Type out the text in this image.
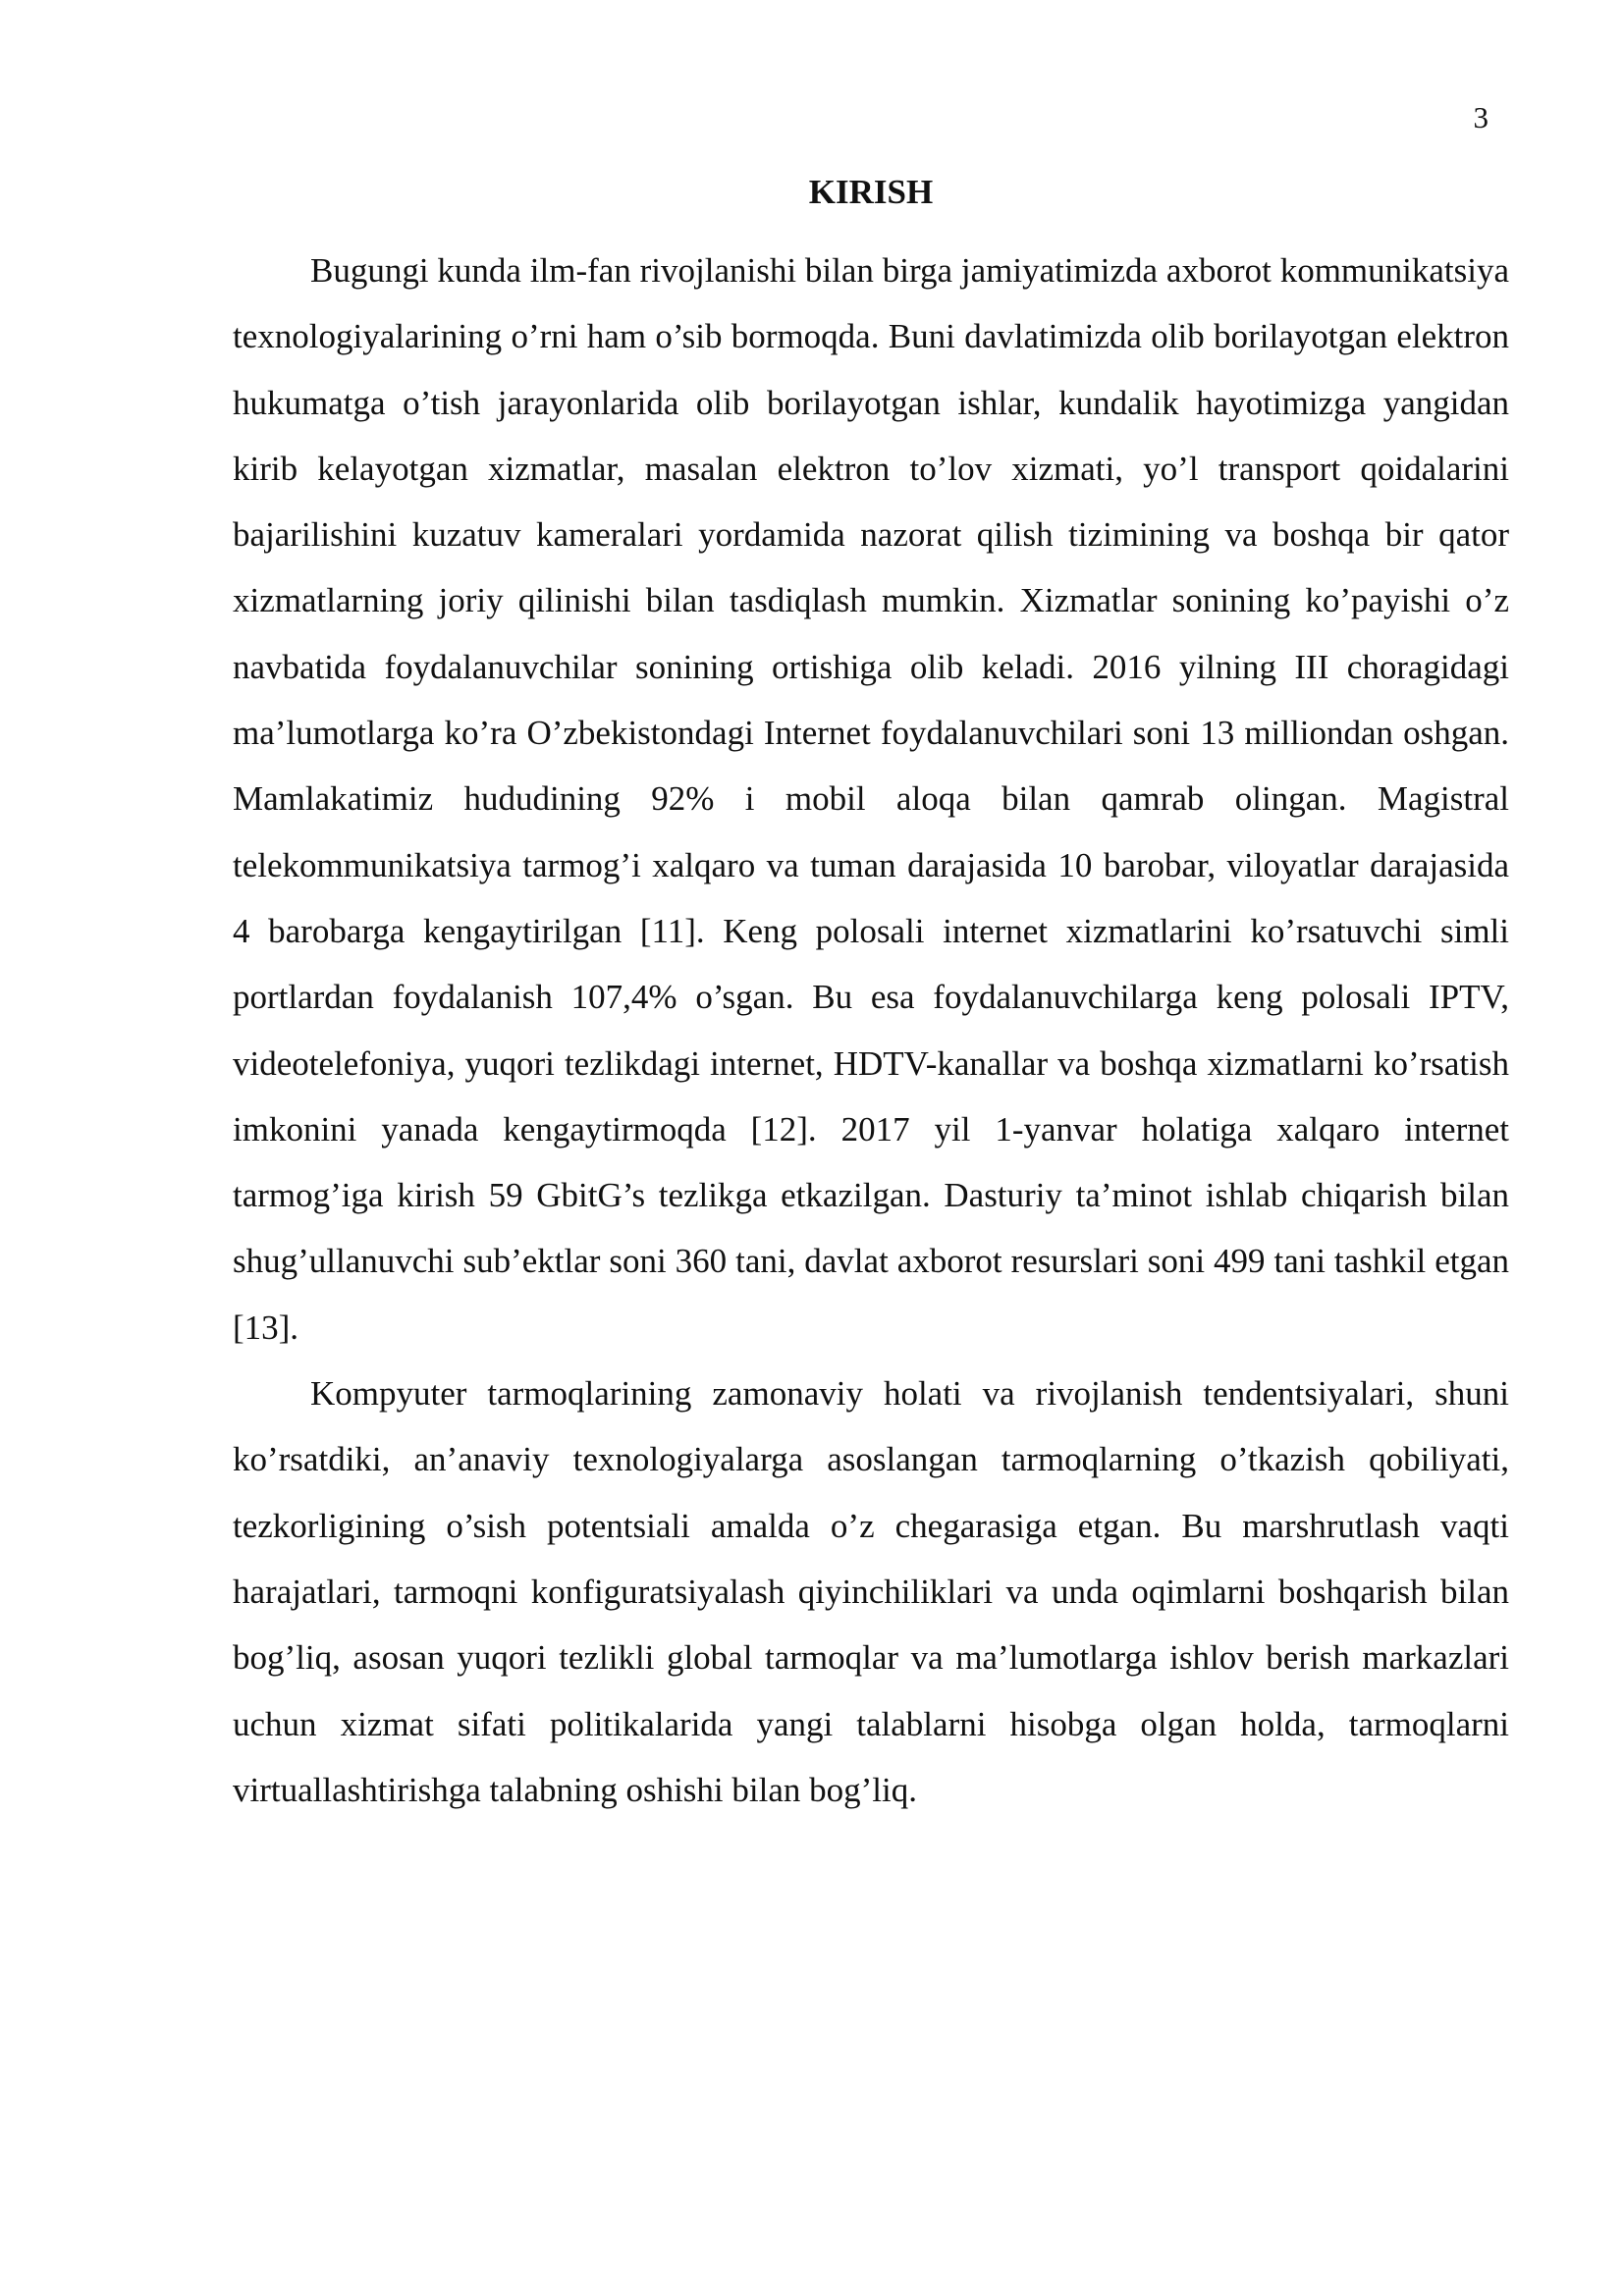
3
KIRISH

Bugungi kunda ilm-fan rivojlanishi bilan birga jamiyatimizda axborot kommunikatsiya texnologiyalarining o’rni ham o’sib bormoqda. Buni davlatimizda olib borilayotgan elektron hukumatga o’tish jarayonlarida olib borilayotgan ishlar, kundalik hayotimizga yangidan kirib kelayotgan xizmatlar, masalan elektron to’lov xizmati, yo’l transport qoidalarini bajarilishini kuzatuv kameralari yordamida nazorat qilish tizimining va boshqa bir qator xizmatlarning joriy qilinishi bilan tasdiqlash mumkin. Xizmatlar sonining ko’payishi o’z navbatida foydalanuvchilar sonining ortishiga olib keladi. 2016 yilning III choragidagi ma’lumotlarga ko’ra O’zbekistondagi Internet foydalanuvchilari soni 13 milliondan oshgan. Mamlakatimiz hududining 92% i mobil aloqa bilan qamrab olingan. Magistral telekommunikatsiya tarmog’i xalqaro va tuman darajasida 10 barobar, viloyatlar darajasida 4 barobarga kengaytirilgan [11]. Keng polosali internet xizmatlarini ko’rsatuvchi simli portlardan foydalanish 107,4% o’sgan. Bu esa foydalanuvchilarga keng polosali IPTV, videotelefoniya, yuqori tezlikdagi internet, HDTV-kanallar va boshqa xizmatlarni ko’rsatish imkonini yanada kengaytirmoqda [12]. 2017 yil 1-yanvar holatiga xalqaro internet tarmog’iga kirish 59 GbitG’s tezlikga etkazilgan. Dasturiy ta’minot ishlab chiqarish bilan shug’ullanuvchi sub’ektlar soni 360 tani, davlat axborot resurslari soni 499 tani tashkil etgan [13].

Kompyuter tarmoqlarining zamonaviy holati va rivojlanish tendentsiyalari, shuni ko’rsatdiki, an’anaviy texnologiyalarga asoslangan tarmoqlarning o’tkazish qobiliyati, tezkorligining o’sish potentsiali amalda o’z chegarasiga etgan. Bu marshrutlash vaqti harajatlari, tarmoqni konfiguratsiyalash qiyinchiliklari va unda oqimlarni boshqarish bilan bog’liq, asosan yuqori tezlikli global tarmoqlar va ma’lumotlarga ishlov berish markazlari uchun xizmat sifati politikalarida yangi talablarni hisobga olgan holda, tarmoqlarni virtuallashtirishga talabning oshishi bilan bog’liq.
